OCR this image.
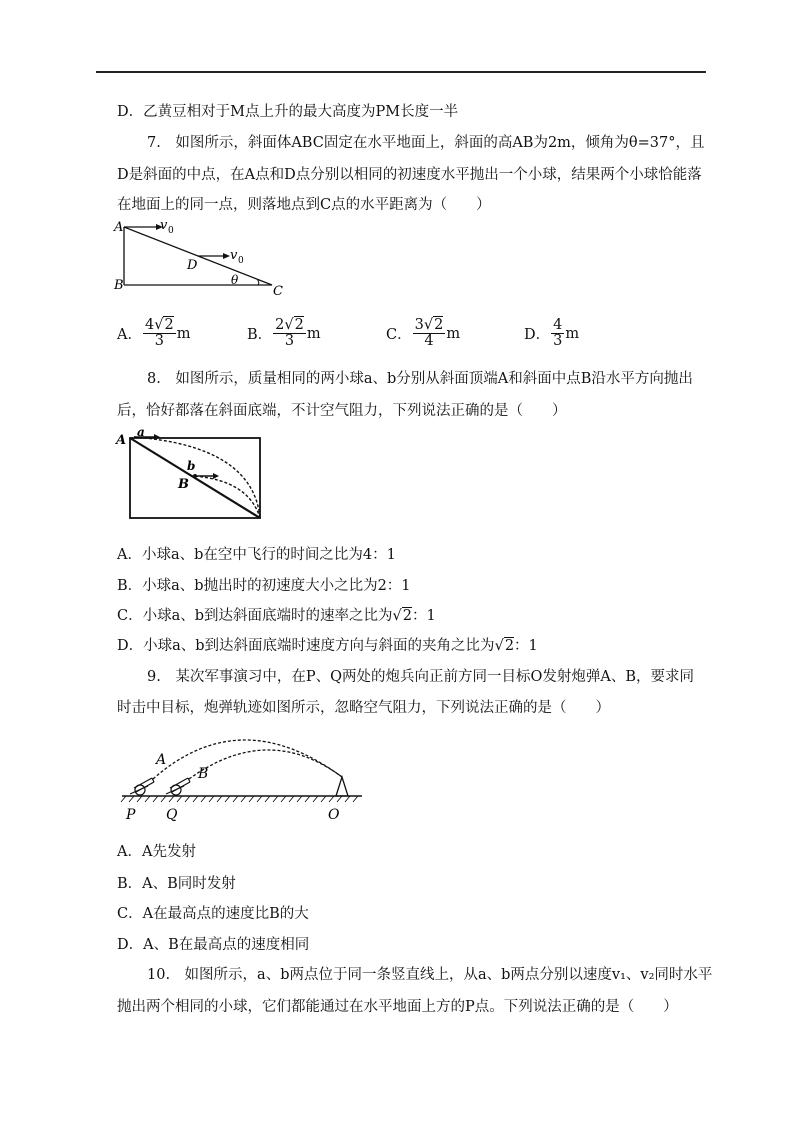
D．乙黄豆相对于M点上升的最大高度为PM长度一半
7.　如图所示，斜面体ABC固定在水平地面上，斜面的高AB为2m，倾角为θ=37°，且
D是斜面的中点，在A点和D点分别以相同的初速度水平抛出一个小球，结果两个小球恰能落
在地面上的同一点，则落地点到C点的水平距离为（　　）
A
B	C
D
θ
v 0
v 0
A． $\frac{4√2}{3}$ m	B． $\frac{2√2}{3}$ m	C． $\frac{3√2}{4}$ m	D． $\frac{4}{3}$ m
8.　如图所示，质量相同的两小球a、b分别从斜面顶端A和斜面中点B沿水平方向抛出
后，恰好都落在斜面底端，不计空气阻力，下列说法正确的是（　　）
A
a
b
B
A．小球a、b在空中飞行的时间之比为4：1
B．小球a、b抛出时的初速度大小之比为2：1
C．小球a、b到达斜面底端时的速率之比为√2：1
D．小球a、b到达斜面底端时速度方向与斜面的夹角之比为√2：1
9.　某次军事演习中，在P、Q两处的炮兵向正前方同一目标O发射炮弹A、B，要求同
时击中目标，炮弹轨迹如图所示，忽略空气阻力，下列说法正确的是（　　）
A
B
P Q	O
A．A先发射
B．A、B同时发射
C．A在最高点的速度比B的大
D．A、B在最高点的速度相同
10.　如图所示，a、b两点位于同一条竖直线上，从a、b两点分别以速度v₁、v₂同时水平
抛出两个相同的小球，它们都能通过在水平地面上方的P点。下列说法正确的是（　　）
